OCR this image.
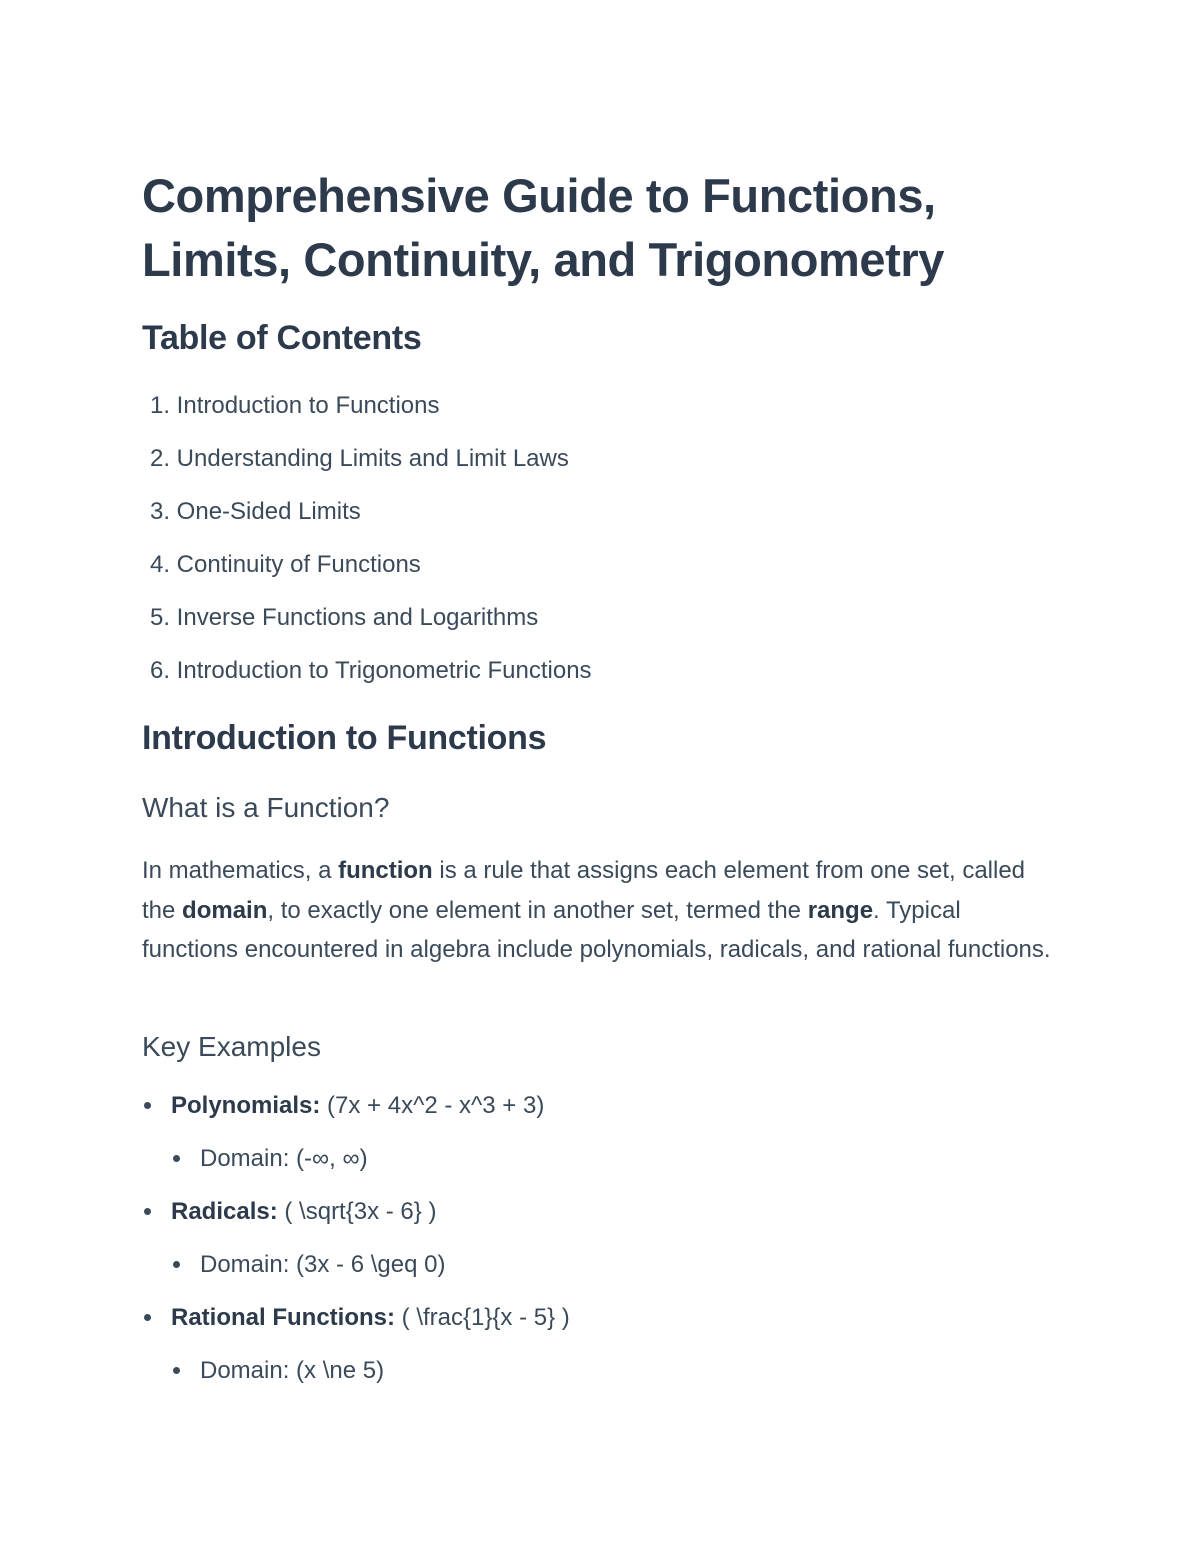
Comprehensive Guide to Functions, Limits, Continuity, and Trigonometry
Table of Contents
1. Introduction to Functions
2. Understanding Limits and Limit Laws
3. One-Sided Limits
4. Continuity of Functions
5. Inverse Functions and Logarithms
6. Introduction to Trigonometric Functions
Introduction to Functions
What is a Function?

In mathematics, a function is a rule that assigns each element from one set, called the domain, to exactly one element in another set, termed the range. Typical functions encountered in algebra include polynomials, radicals, and rational functions.

Key Examples
Polynomials: (7x + 4x^2 - x^3 + 3)
Domain: (-∞, ∞)
Radicals: ( \sqrt{3x - 6} )
Domain: (3x - 6 \geq 0)
Rational Functions: ( \frac{1}{x - 5} )
Domain: (x \ne 5)
